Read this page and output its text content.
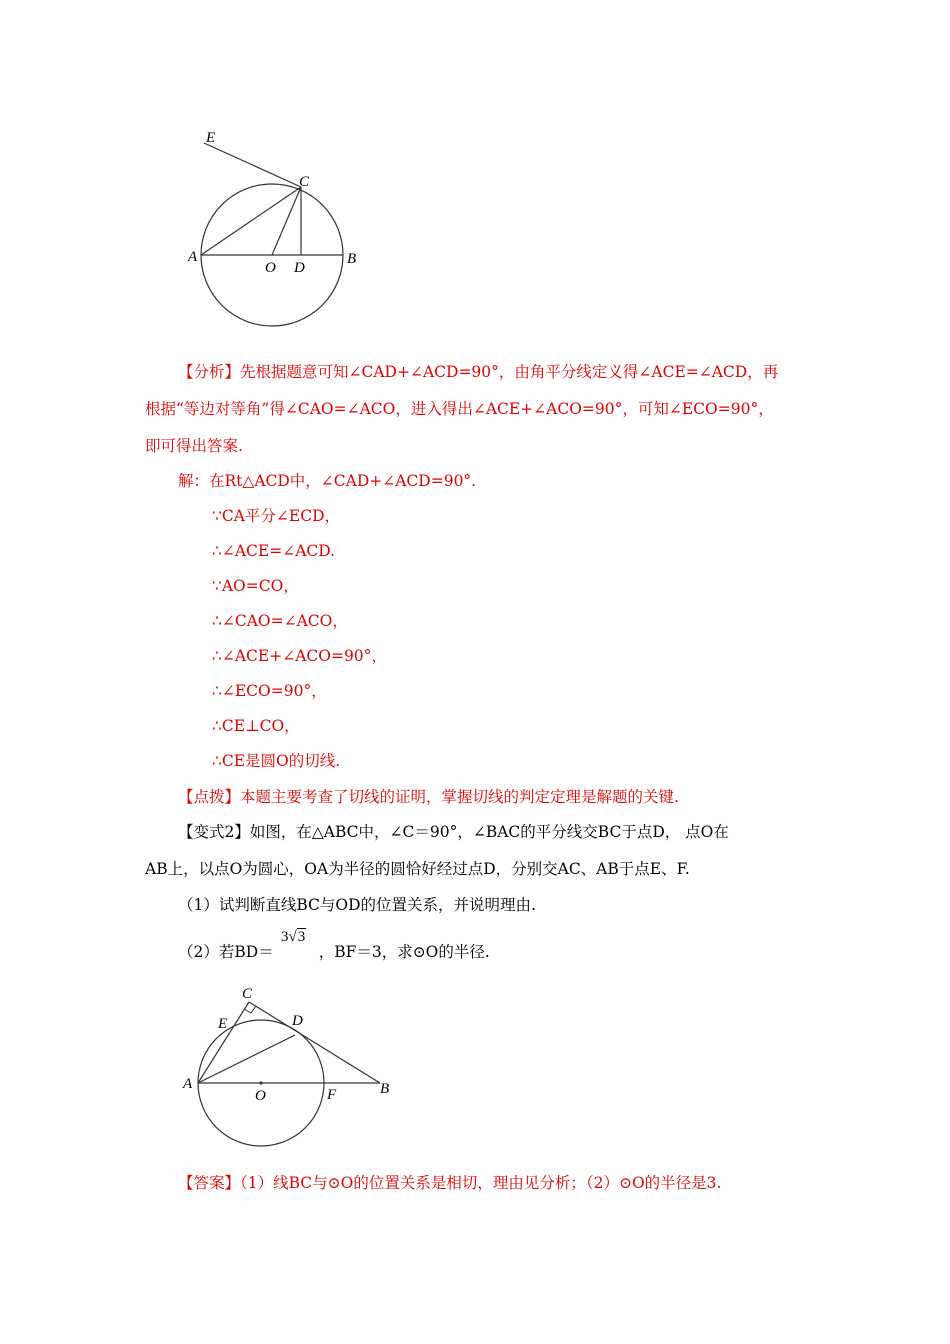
E
C
A
O D
B
【分析】先根据题意可知∠CAD+∠ACD=90°，由角平分线定义得∠ACE=∠ACD，再
根据“等边对等角”得∠CAO=∠ACO，进入得出∠ACE+∠ACO=90°，可知∠ECO=90°，
即可得出答案.
解：在Rt△ACD中，∠CAD+∠ACD=90°.
∵CA平分∠ECD，
∴∠ACE=∠ACD.
∵AO=CO，
∴∠CAO=∠ACO，
∴∠ACE+∠ACO=90°，
∴∠ECO=90°，
∴CE⊥CO，
∴CE是圆O的切线.
【点拨】本题主要考查了切线的证明，掌握切线的判定定理是解题的关键.
【变式2】如图，在△ABC中，∠C＝90°，∠BAC的平分线交BC于点D， 点O在
AB上，以点O为圆心，OA为半径的圆恰好经过点D，分别交AC、AB于点E、F.
（1）试判断直线BC与OD的位置关系，并说明理由.
（2）若BD＝	，BF＝3，求⊙O的半径.
3√3
C
E	D
A
O	F	B
【答案】（1）线BC与⊙O的位置关系是相切，理由见分析；（2）⊙O的半径是3.
